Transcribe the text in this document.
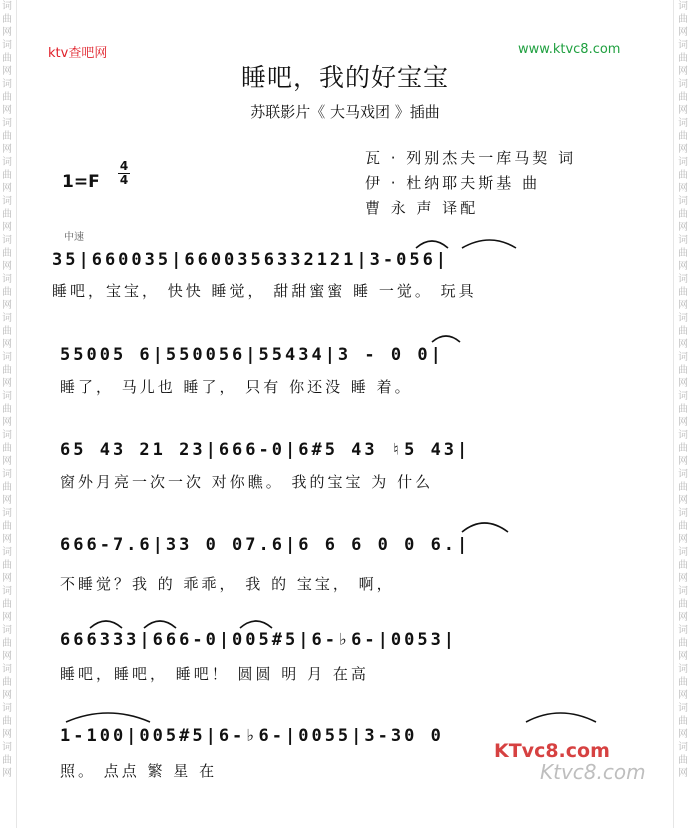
词曲网词曲网词曲网词曲网词曲网词曲网词曲网词曲网词曲网词曲网词曲网词曲网词曲网词曲网词曲网词曲网词曲网词曲网词曲网词曲网
词曲网词曲网词曲网词曲网词曲网词曲网词曲网词曲网词曲网词曲网词曲网词曲网词曲网词曲网词曲网词曲网词曲网词曲网词曲网词曲网
ktv查吧网	www.ktvc8.com
睡吧，我的好宝宝
苏联影片《 大马戏团 》插曲
瓦 · 列别杰夫一库马契 词
伊 · 杜纳耶夫斯基 曲
曹 永 声 译配
1=F
4
4
中速
35|660035|6600356332121|3-056|
睡吧，宝宝， 快快 睡觉， 甜甜蜜蜜 睡 一觉。 玩具
55005 6|550056|55434|3 - 0 0|
睡了， 马儿也 睡了， 只有 你还没 睡 着。
65 43 21 23|666-0|6#5 43 ♮5 43|
窗外月亮一次一次 对你瞧。 我的宝宝 为 什么
666-7.6|33 0 07.6|6 6 6 0 0 6.|
不睡觉？我 的 乖乖， 我 的 宝宝， 啊，
666333|666-0|005#5|6-♭6-|0053|
睡吧，睡吧， 睡吧！ 圆圆 明 月 在高
1-100|005#5|6-♭6-|0055|3-30 0
照。 点点 繁 星 在
KTvc8.com
Ktvc8.com
